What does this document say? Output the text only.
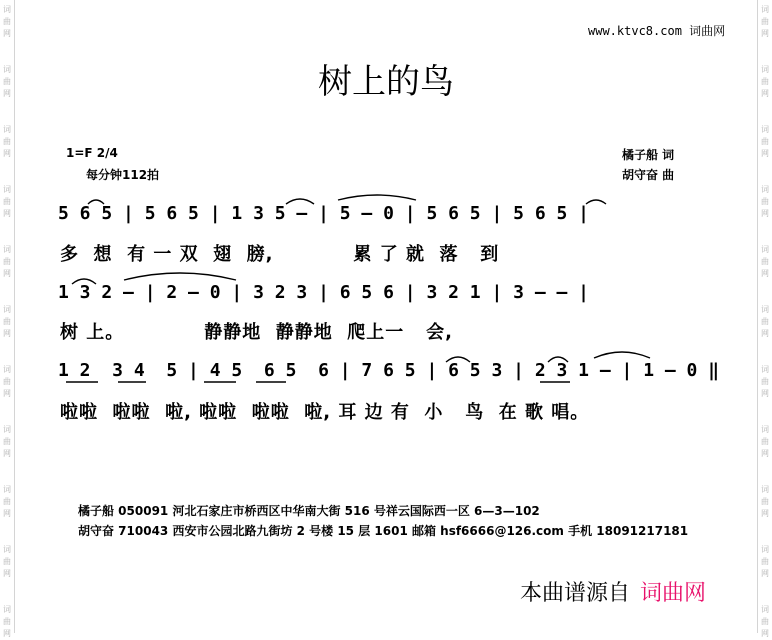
词
曲
网
词
曲
网
词
曲
网
词
曲
网
词
曲
网
词
曲
网
词
曲
网
词
曲
网
词
曲
网
词
曲
网
词
曲
网
词
曲
网
词
曲
网
词
曲
网
词
曲
网
词
曲
网
词
曲
网
词
曲
网
词
曲
网
词
曲
网
词
曲
网
词
曲
网
www.ktvc8.com 词曲网
树上的鸟
1=F 2/4
每分钟112拍
橘子船 词
胡守奋 曲
5 6 5 | 5 6 5 | 1 3 5 — | 5 — 0 | 5 6 5 | 5 6 5 |
多  想  有 一 双  翅  膀,           累 了 就  落   到
1 3 2 — | 2 — 0 | 3 2 3 | 6 5 6 | 3 2 1 | 3 — — |
树 上。           静静地  静静地  爬上一   会,
1 2  3 4  5 | 4 5  6 5  6 | 7 6 5 | 6 5 3 | 2 3 1 — | 1 — 0 ‖
啦啦  啦啦  啦, 啦啦  啦啦  啦, 耳 边 有  小   鸟  在 歌 唱。
橘子船 050091 河北石家庄市桥西区中华南大街 516 号祥云国际西一区 6—3—102
胡守奋 710043 西安市公园北路九街坊 2 号楼 15 层 1601 邮箱 hsf6666@126.com 手机 18091217181
本曲谱源自 词曲网
